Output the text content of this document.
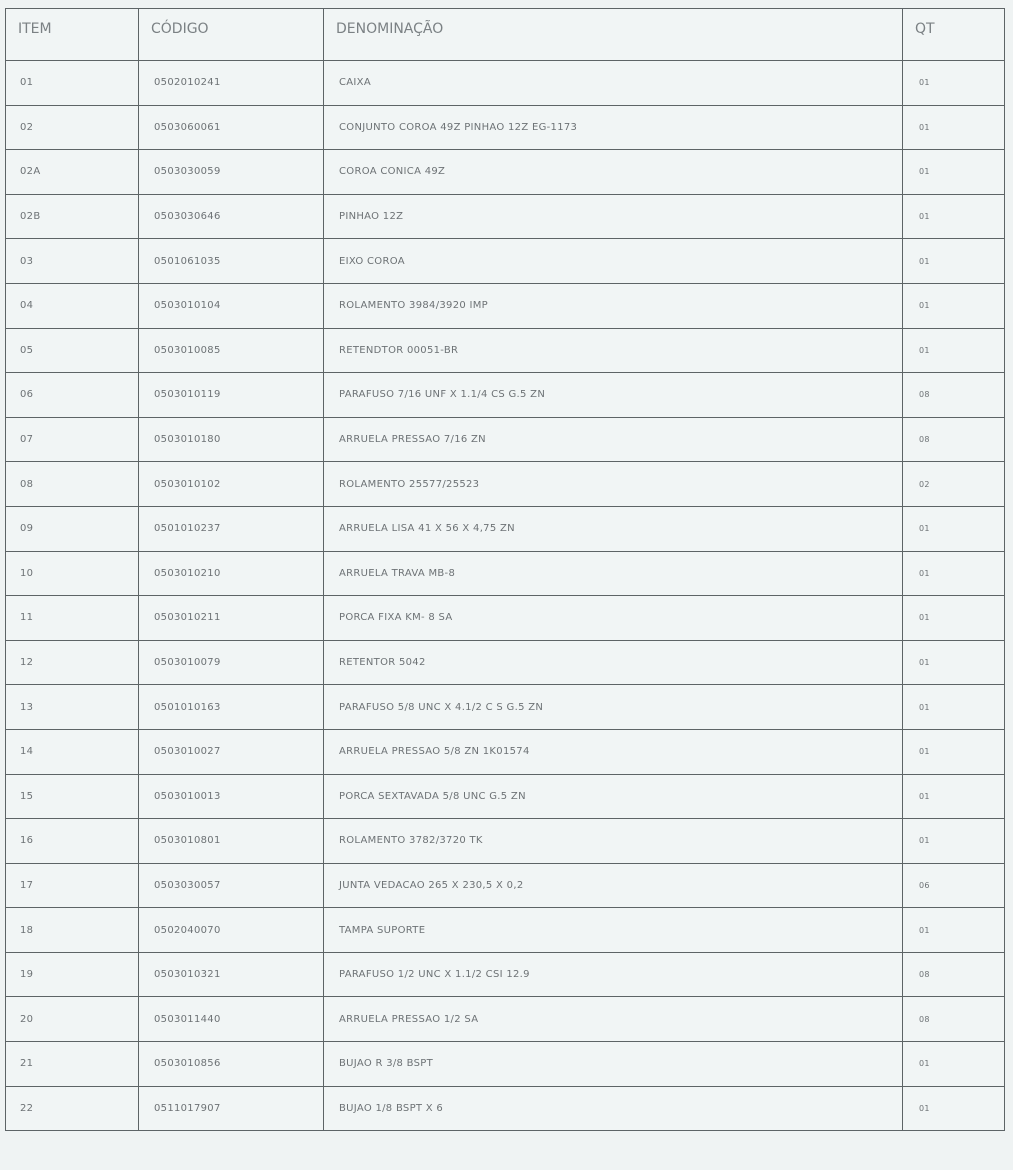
ITEM	CÓDIGO	DENOMINAÇÃO	QT
01	0502010241	CAIXA	01
02	0503060061	CONJUNTO COROA 49Z PINHAO 12Z EG-1173	01
02A	0503030059	COROA CONICA 49Z	01
02B	0503030646	PINHAO 12Z	01
03	0501061035	EIXO COROA	01
04	0503010104	ROLAMENTO 3984/3920 IMP	01
05	0503010085	RETENDTOR 00051-BR	01
06	0503010119	PARAFUSO 7/16 UNF X 1.1/4 CS G.5 ZN	08
07	0503010180	ARRUELA PRESSAO 7/16 ZN	08
08	0503010102	ROLAMENTO 25577/25523	02
09	0501010237	ARRUELA LISA 41 X 56 X 4,75 ZN	01
10	0503010210	ARRUELA TRAVA MB-8	01
11	0503010211	PORCA FIXA KM- 8 SA	01
12	0503010079	RETENTOR 5042	01
13	0501010163	PARAFUSO 5/8 UNC X 4.1/2 C S G.5 ZN	01
14	0503010027	ARRUELA PRESSAO 5/8 ZN 1K01574	01
15	0503010013	PORCA SEXTAVADA 5/8 UNC G.5 ZN	01
16	0503010801	ROLAMENTO 3782/3720 TK	01
17	0503030057	JUNTA VEDACAO 265 X 230,5 X 0,2	06
18	0502040070	TAMPA SUPORTE	01
19	0503010321	PARAFUSO 1/2 UNC X 1.1/2 CSI 12.9	08
20	0503011440	ARRUELA PRESSAO 1/2 SA	08
21	0503010856	BUJAO R 3/8 BSPT	01
22	0511017907	BUJAO 1/8 BSPT X 6	01
